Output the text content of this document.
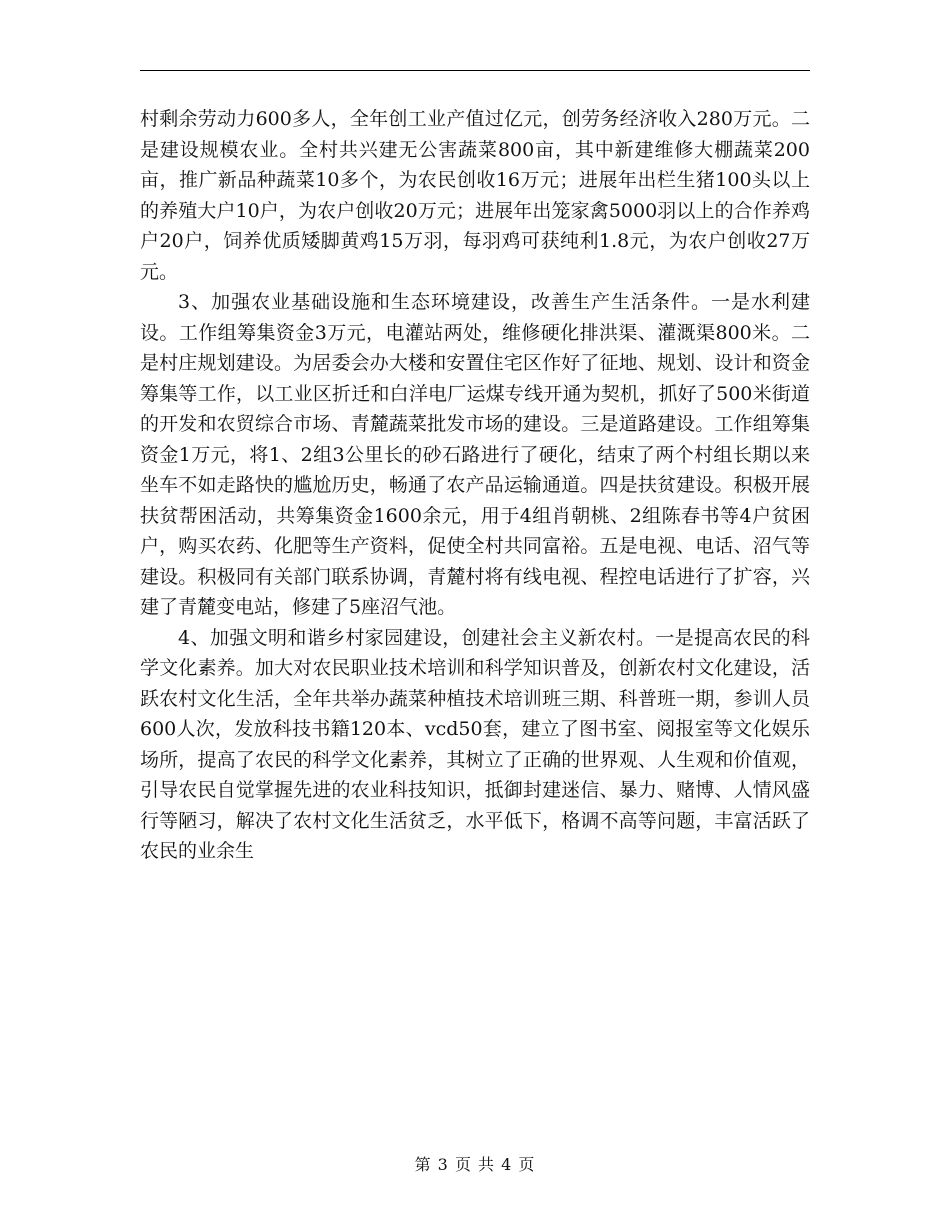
村剩余劳动力600多人，全年创工业产值过亿元，创劳务经济收入280万元。二是建设规模农业。全村共兴建无公害蔬菜800亩，其中新建维修大棚蔬菜200亩，推广新品种蔬菜10多个，为农民创收16万元；进展年出栏生猪100头以上的养殖大户10户，为农户创收20万元；进展年出笼家禽5000羽以上的合作养鸡户20户，饲养优质矮脚黄鸡15万羽，每羽鸡可获纯利1.8元，为农户创收27万元。

3、加强农业基础设施和生态环境建设，改善生产生活条件。一是水利建设。工作组筹集资金3万元，电灌站两处，维修硬化排洪渠、灌溉渠800米。二是村庄规划建设。为居委会办大楼和安置住宅区作好了征地、规划、设计和资金筹集等工作，以工业区折迁和白洋电厂运煤专线开通为契机，抓好了500米街道的开发和农贸综合市场、青麓蔬菜批发市场的建设。三是道路建设。工作组筹集资金1万元，将1、2组3公里长的砂石路进行了硬化，结束了两个村组长期以来坐车不如走路快的尴尬历史，畅通了农产品运输通道。四是扶贫建设。积极开展扶贫帮困活动，共筹集资金1600余元，用于4组肖朝桃、2组陈春书等4户贫困户，购买农药、化肥等生产资料，促使全村共同富裕。五是电视、电话、沼气等建设。积极同有关部门联系协调，青麓村将有线电视、程控电话进行了扩容，兴建了青麓变电站，修建了5座沼气池。

4、加强文明和谐乡村家园建设，创建社会主义新农村。一是提高农民的科学文化素养。加大对农民职业技术培训和科学知识普及，创新农村文化建设，活跃农村文化生活，全年共举办蔬菜种植技术培训班三期、科普班一期，参训人员600人次，发放科技书籍120本、vcd50套，建立了图书室、阅报室等文化娱乐场所，提高了农民的科学文化素养，其树立了正确的世界观、人生观和价值观，引导农民自觉掌握先进的农业科技知识，抵御封建迷信、暴力、赌博、人情风盛行等陋习，解决了农村文化生活贫乏，水平低下，格调不高等问题，丰富活跃了农民的业余生

第 3 页 共 4 页
